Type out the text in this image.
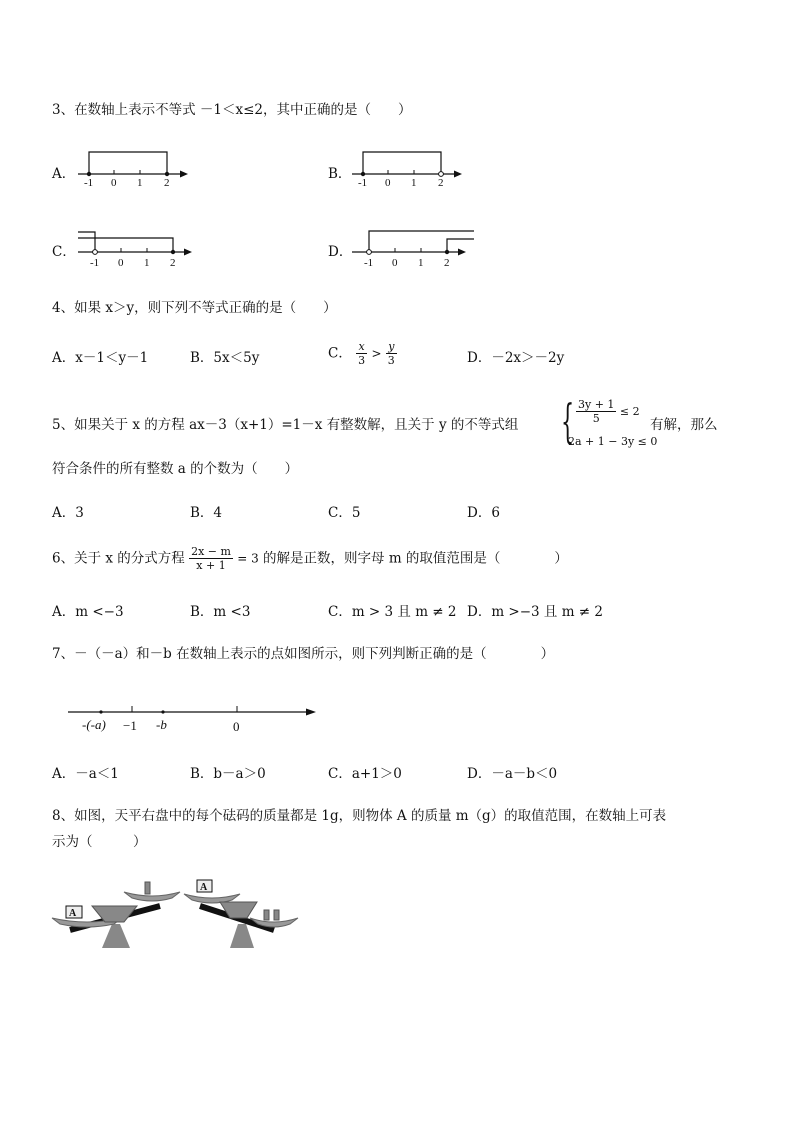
3、在数轴上表示不等式 －1＜x≤2，其中正确的是（　　）
A．
-1 0 1 2
B．
-1 0 1 2
C．
-1 0 1 2
D．
-1 0 1 2
4、如果 x＞y，则下列不等式正确的是（　　）
A．x－1＜y－1	B．5x＜5y	C． $\frac{x}{3} > \frac{y}{3}$	D．－2x＞－2y
5、如果关于 x 的方程 ax－3（x+1）=1－x 有整数解，且关于 y 的不等式组 { $\frac{3y + 1}{5} \le 2$
2a + 1 − 3y ≤ 0
有解，那么
符合条件的所有整数 a 的个数为（　　）
A．3	B．4	C．5	D．6
6、关于 x 的分式方程 $\frac{2x - m}{x + 1} = 3$ 的解是正数，则字母 m 的取值范围是（　　　　）
A．m <−3	B．m <3	C．m > 3 且 m ≠ 2 D．m >−3 且 m ≠ 2
7、－（－a）和－b 在数轴上表示的点如图所示，则下列判断正确的是（　　　　）
-(-a) −1 -b	0
A．－a＜1	B．b－a＞0	C．a+1＞0	D．－a－b＜0
8、如图，天平右盘中的每个砝码的质量都是 1g，则物体 A 的质量 m（g）的取值范围，在数轴上可表
示为（　　　）
A
A
